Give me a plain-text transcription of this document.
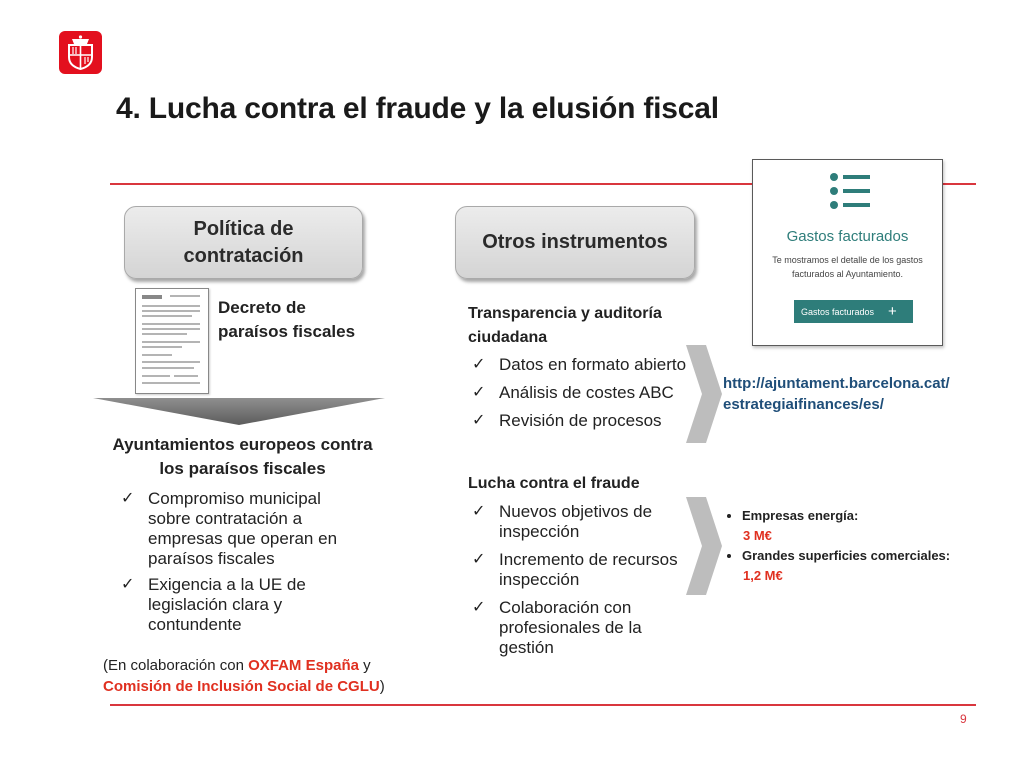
4. Lucha contra el fraude y la elusión fiscal
Política de contratación
Otros instrumentos
Decreto de paraísos fiscales
Ayuntamientos europeos contra los paraísos fiscales
✓ Compromiso municipal sobre contratación a empresas que operan en paraísos fiscales
✓ Exigencia a la UE de legislación clara y contundente
(En colaboración con OXFAM España y
Comisión de Inclusión Social de CGLU)
Transparencia y auditoría ciudadana
✓ Datos en formato abierto
✓ Análisis de costes ABC
✓ Revisión de procesos
Lucha contra el fraude
✓ Nuevos objetivos de inspección
✓ Incremento de recursos inspección
✓ Colaboración con profesionales de la gestión
Gastos facturados
Te mostramos el detalle de los gastos facturados al Ayuntamiento.
Gastos facturados +
http://ajuntament.barcelona.cat/ estrategiaifinances/es/
• Empresas energía:
3 M€
• Grandes superficies comerciales:
1,2 M€
9
